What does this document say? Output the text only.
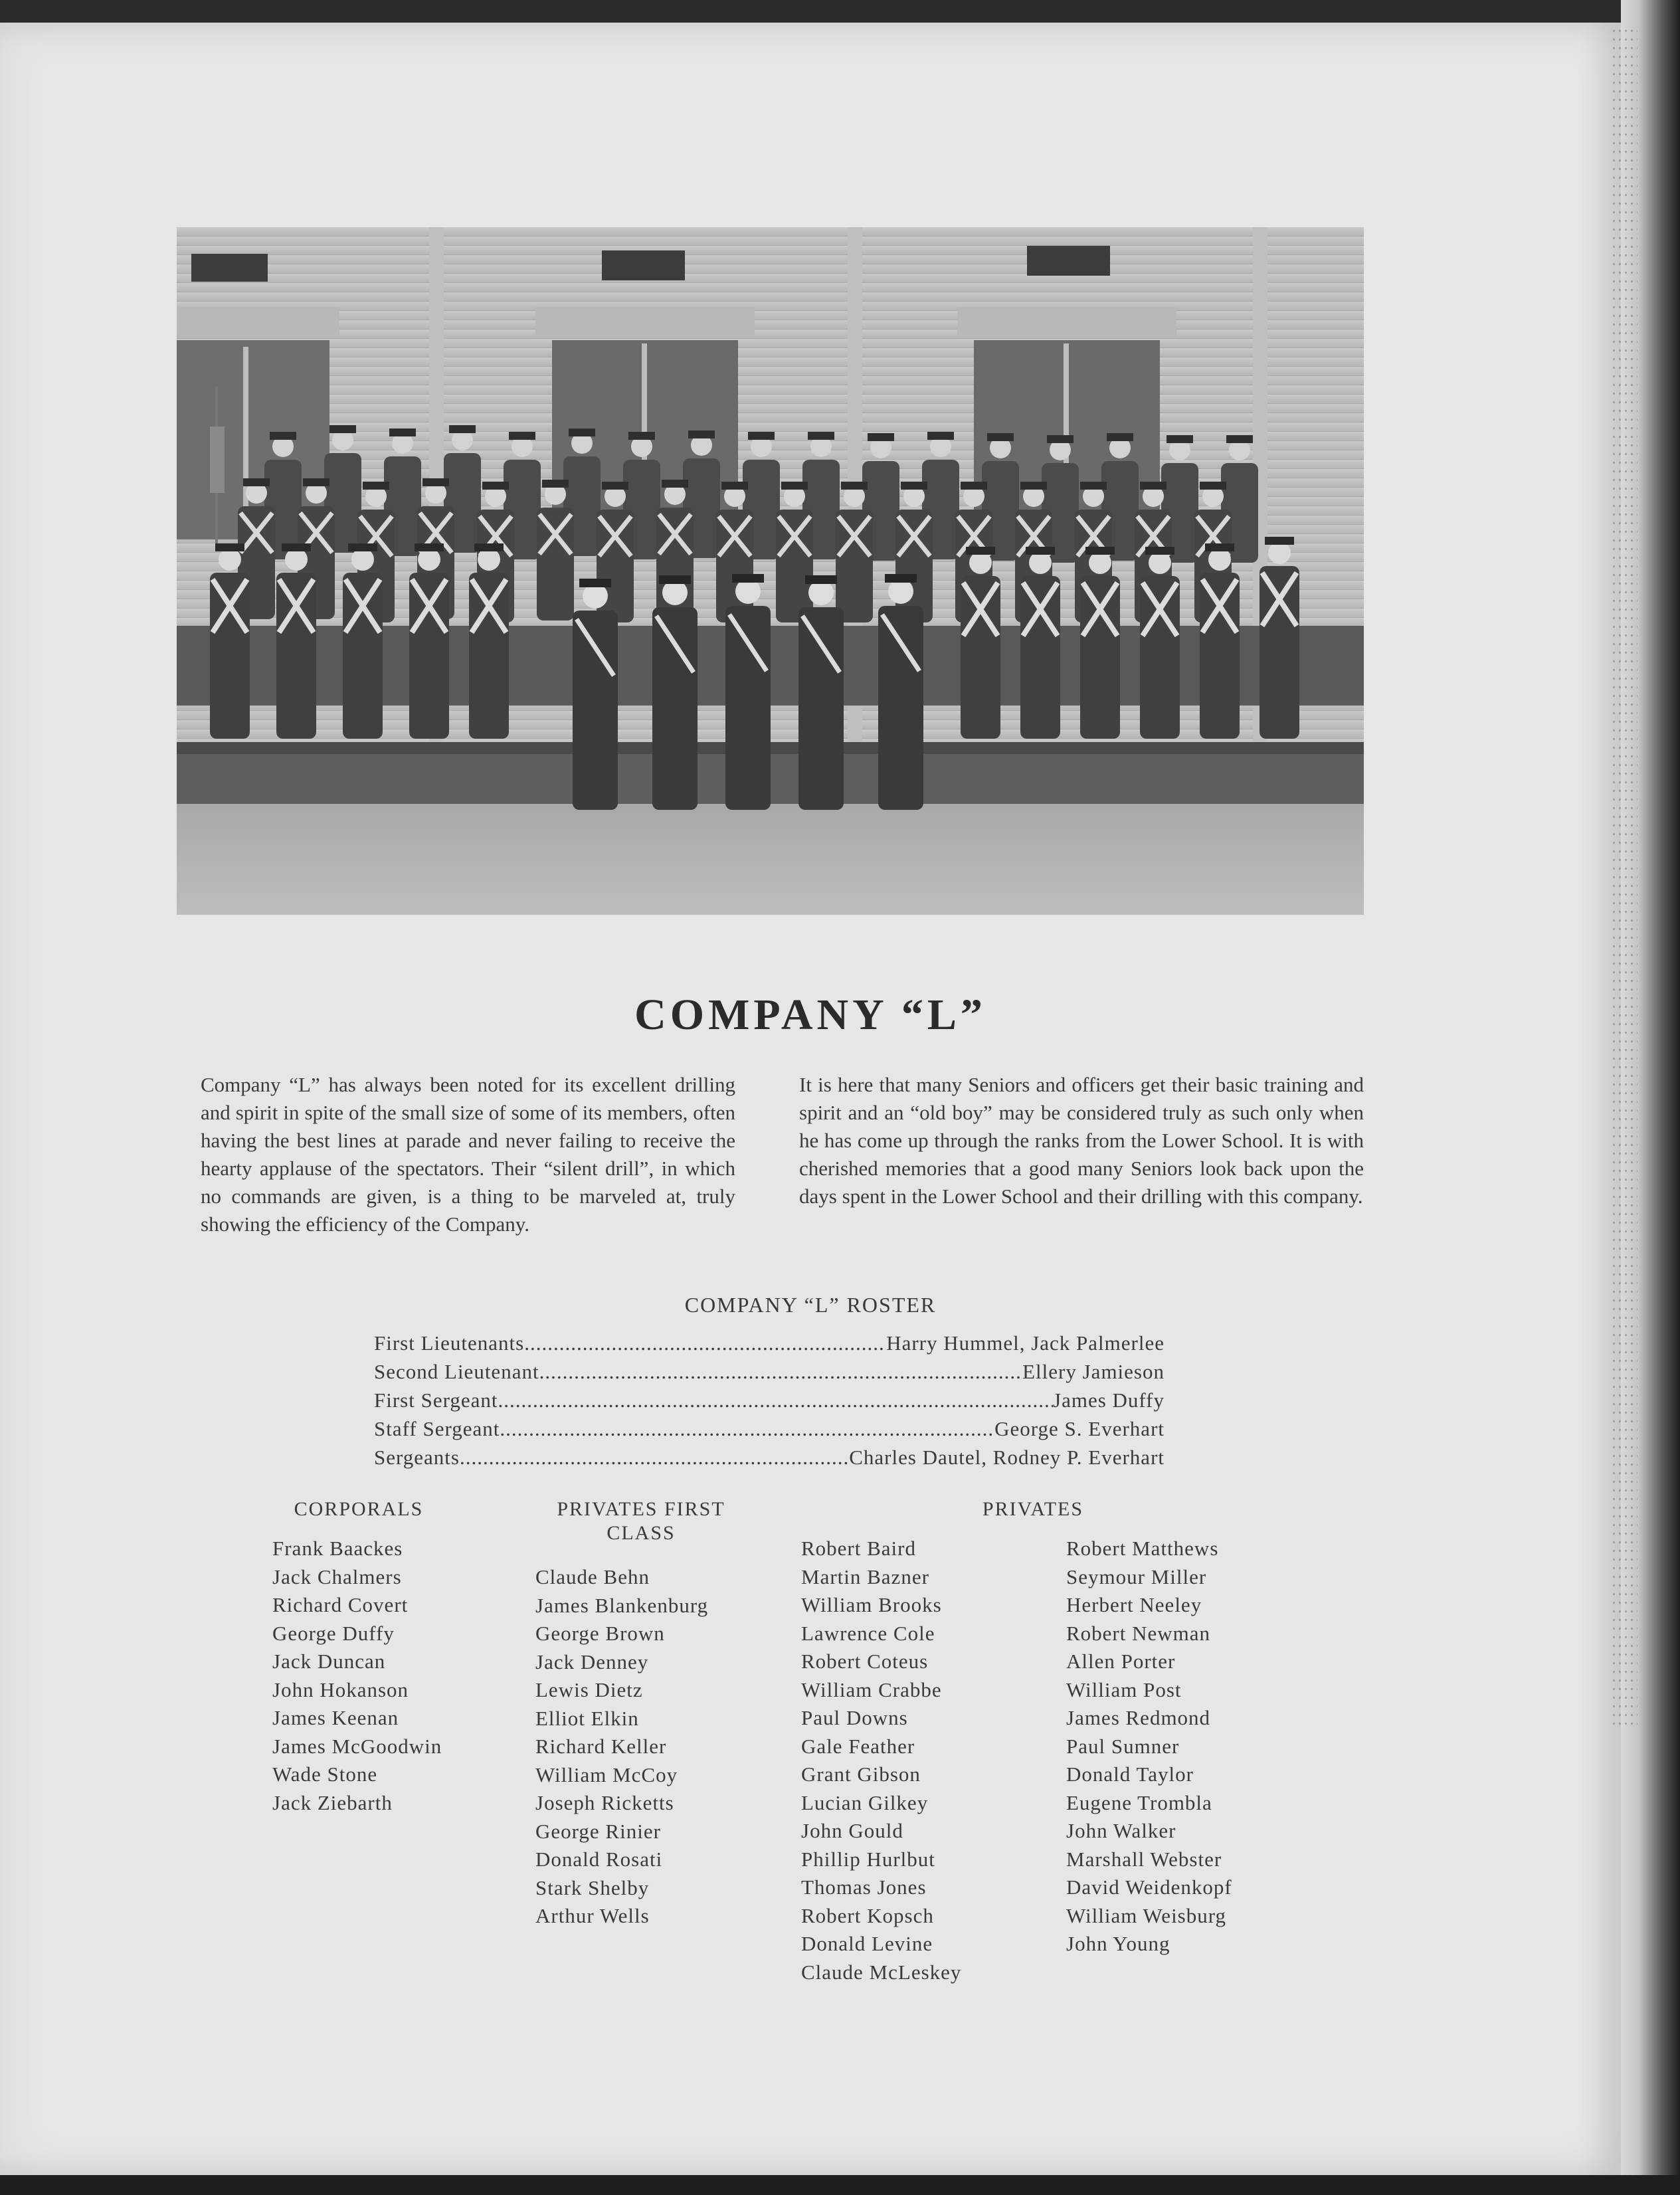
COMPANY “L”
Company “L” has always been noted for its excellent drilling and spirit in spite of the small size of some of its members, often having the best lines at parade and never failing to receive the hearty applause of the spectators. Their “silent drill”, in which no commands are given, is a thing to be marveled at, truly showing the efficiency of the Company.
It is here that many Seniors and officers get their basic training and spirit and an “old boy” may be considered truly as such only when he has come up through the ranks from the Lower School. It is with cherished memories that a good many Seniors look back upon the days spent in the Lower School and their drilling with this company.
COMPANY “L” ROSTER
First Lieutenants .....	Harry Hummel, Jack Palmerlee
Second Lieutenant .....	Ellery Jamieson
First Sergeant .....	James Duffy
Staff Sergeant .....	George S. Everhart
Sergeants .....	Charles Dautel, Rodney P. Everhart
CORPORALS	PRIVATES FIRST CLASS
PRIVATES
Frank Baackes
Jack Chalmers
Richard Covert
George Duffy
Jack Duncan
John Hokanson
James Keenan
James McGoodwin
Wade Stone
Jack Ziebarth
Claude Behn
James Blankenburg
George Brown
Jack Denney
Lewis Dietz
Elliot Elkin
Richard Keller
William McCoy
Joseph Ricketts
George Rinier
Donald Rosati
Stark Shelby
Arthur Wells
Robert Baird
Martin Bazner
William Brooks
Lawrence Cole
Robert Coteus
William Crabbe
Paul Downs
Gale Feather
Grant Gibson
Lucian Gilkey
John Gould
Phillip Hurlbut
Thomas Jones
Robert Kopsch
Donald Levine
Claude McLeskey
Robert Matthews
Seymour Miller
Herbert Neeley
Robert Newman
Allen Porter
William Post
James Redmond
Paul Sumner
Donald Taylor
Eugene Trombla
John Walker
Marshall Webster
David Weidenkopf
William Weisburg
John Young
